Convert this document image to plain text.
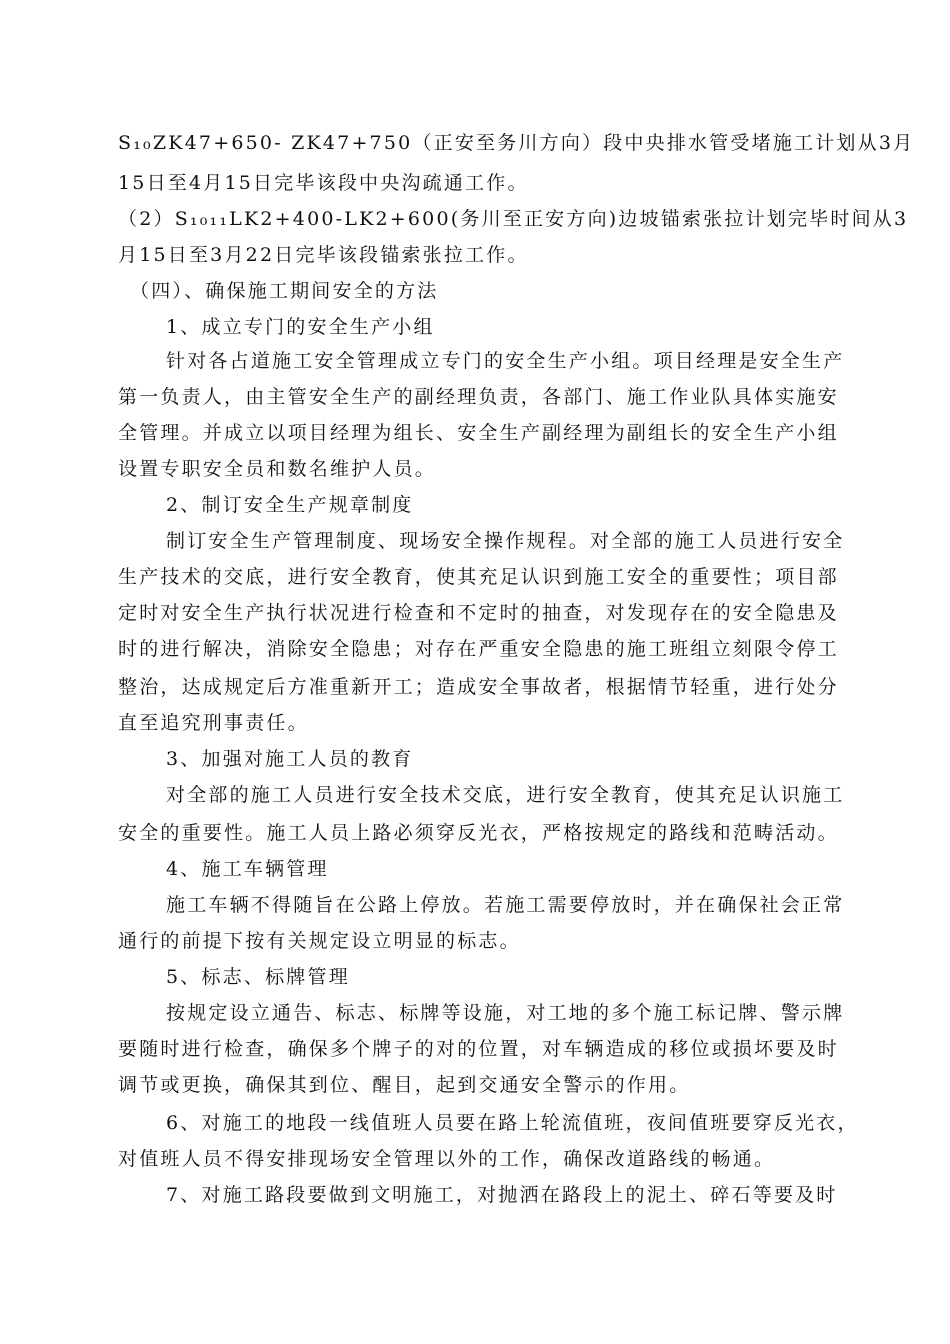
S₁₀ZK47+650- ZK47+750（正安至务川方向）段中央排水管受堵施工计划从3月
15日至4月15日完毕该段中央沟疏通工作。
（2）S₁₀₁₁LK2+400-LK2+600(务川至正安方向)边坡锚索张拉计划完毕时间从3
月15日至3月22日完毕该段锚索张拉工作。
（四）、确保施工期间安全的方法
1、成立专门的安全生产小组
针对各占道施工安全管理成立专门的安全生产小组。项目经理是安全生产
第一负责人，由主管安全生产的副经理负责，各部门、施工作业队具体实施安
全管理。并成立以项目经理为组长、安全生产副经理为副组长的安全生产小组
设置专职安全员和数名维护人员。
2、制订安全生产规章制度
制订安全生产管理制度、现场安全操作规程。对全部的施工人员进行安全
生产技术的交底，进行安全教育，使其充足认识到施工安全的重要性；项目部
定时对安全生产执行状况进行检查和不定时的抽查，对发现存在的安全隐患及
时的进行解决，消除安全隐患；对存在严重安全隐患的施工班组立刻限令停工
整治，达成规定后方准重新开工；造成安全事故者，根据情节轻重，进行处分
直至追究刑事责任。
3、加强对施工人员的教育
对全部的施工人员进行安全技术交底，进行安全教育，使其充足认识施工
安全的重要性。施工人员上路必须穿反光衣，严格按规定的路线和范畴活动。
4、施工车辆管理
施工车辆不得随旨在公路上停放。若施工需要停放时，并在确保社会正常
通行的前提下按有关规定设立明显的标志。
5、标志、标牌管理
按规定设立通告、标志、标牌等设施，对工地的多个施工标记牌、警示牌
要随时进行检查，确保多个牌子的对的位置，对车辆造成的移位或损坏要及时
调节或更换，确保其到位、醒目，起到交通安全警示的作用。
6、对施工的地段一线值班人员要在路上轮流值班，夜间值班要穿反光衣，
对值班人员不得安排现场安全管理以外的工作，确保改道路线的畅通。
7、对施工路段要做到文明施工，对抛洒在路段上的泥土、碎石等要及时
